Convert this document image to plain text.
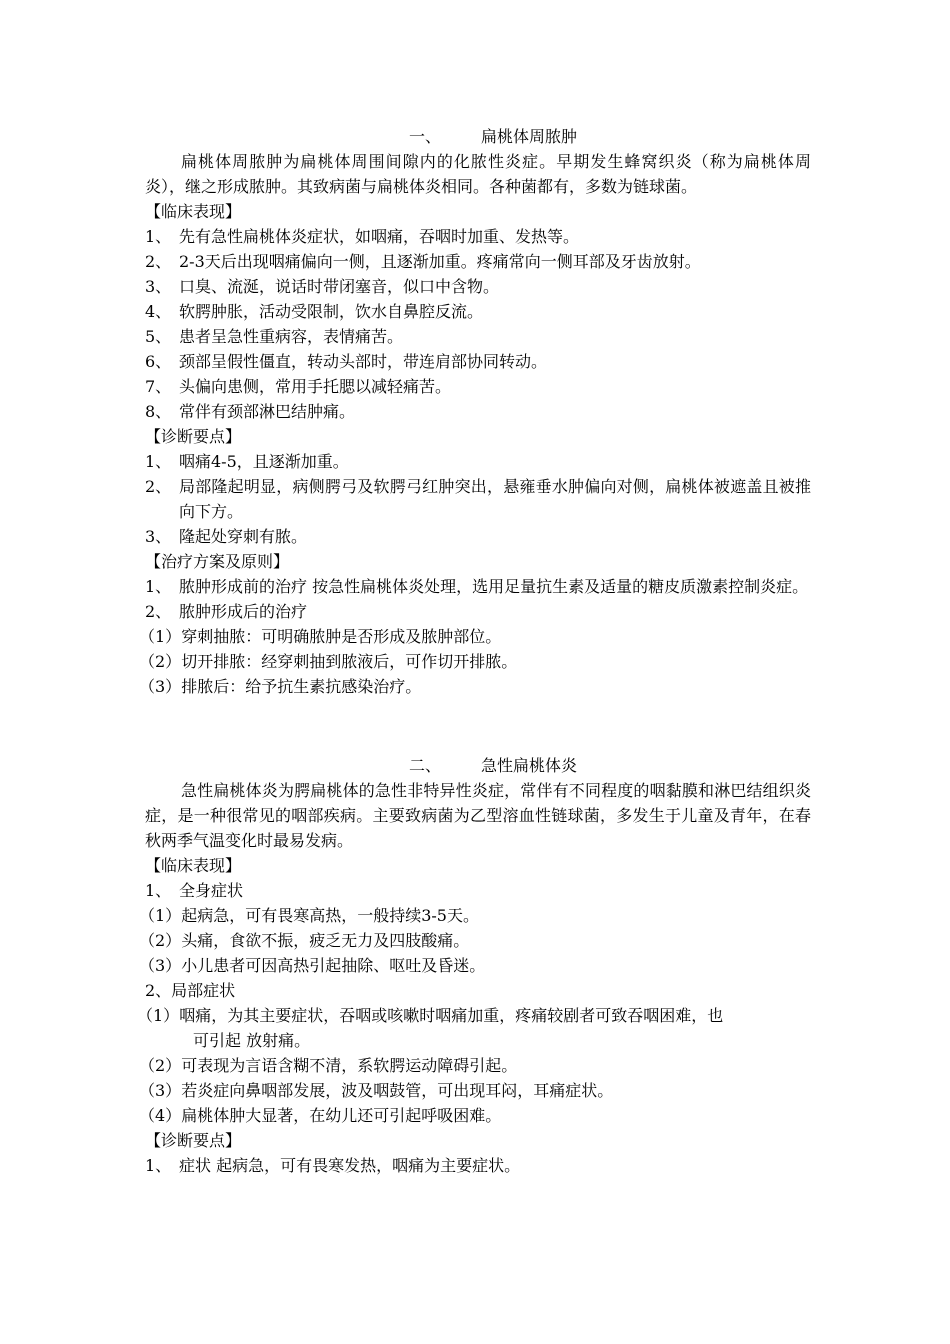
一、	扁桃体周脓肿
扁桃体周脓肿为扁桃体周围间隙内的化脓性炎症。早期发生蜂窝织炎（称为扁桃体周炎），继之形成脓肿。其致病菌与扁桃体炎相同。各种菌都有，多数为链球菌。
【临床表现】
1、 先有急性扁桃体炎症状，如咽痛，吞咽时加重、发热等。
2、 2-3天后出现咽痛偏向一侧，且逐渐加重。疼痛常向一侧耳部及牙齿放射。
3、 口臭、流涎，说话时带闭塞音，似口中含物。
4、 软腭肿胀，活动受限制，饮水自鼻腔反流。
5、 患者呈急性重病容，表情痛苦。
6、 颈部呈假性僵直，转动头部时，带连肩部协同转动。
7、 头偏向患侧，常用手托腮以减轻痛苦。
8、 常伴有颈部淋巴结肿痛。
【诊断要点】
1、 咽痛4-5，且逐渐加重。
2、 局部隆起明显，病侧腭弓及软腭弓红肿突出，悬雍垂水肿偏向对侧，扁桃体被遮盖且被推向下方。
3、 隆起处穿刺有脓。
【治疗方案及原则】
1、 脓肿形成前的治疗 按急性扁桃体炎处理，选用足量抗生素及适量的糖皮质激素控制炎症。
2、 脓肿形成后的治疗
（1） 穿刺抽脓：可明确脓肿是否形成及脓肿部位。
（2） 切开排脓：经穿刺抽到脓液后，可作切开排脓。
（3） 排脓后：给予抗生素抗感染治疗。
二、	急性扁桃体炎
急性扁桃体炎为腭扁桃体的急性非特异性炎症，常伴有不同程度的咽黏膜和淋巴结组织炎症，是一种很常见的咽部疾病。主要致病菌为乙型溶血性链球菌，多发生于儿童及青年，在春秋两季气温变化时最易发病。
【临床表现】
1、 全身症状
（1） 起病急，可有畏寒高热，一般持续3-5天。
（2） 头痛，食欲不振，疲乏无力及四肢酸痛。
（3） 小儿患者可因高热引起抽除、呕吐及昏迷。
2、局部症状
（1） 咽痛，为其主要症状，吞咽或咳嗽时咽痛加重，疼痛较剧者可致吞咽困难，也
可引起 放射痛。
（2） 可表现为言语含糊不清，系软腭运动障碍引起。
（3） 若炎症向鼻咽部发展，波及咽鼓管，可出现耳闷，耳痛症状。
（4） 扁桃体肿大显著，在幼儿还可引起呼吸困难。
【诊断要点】
1、 症状 起病急，可有畏寒发热，咽痛为主要症状。
